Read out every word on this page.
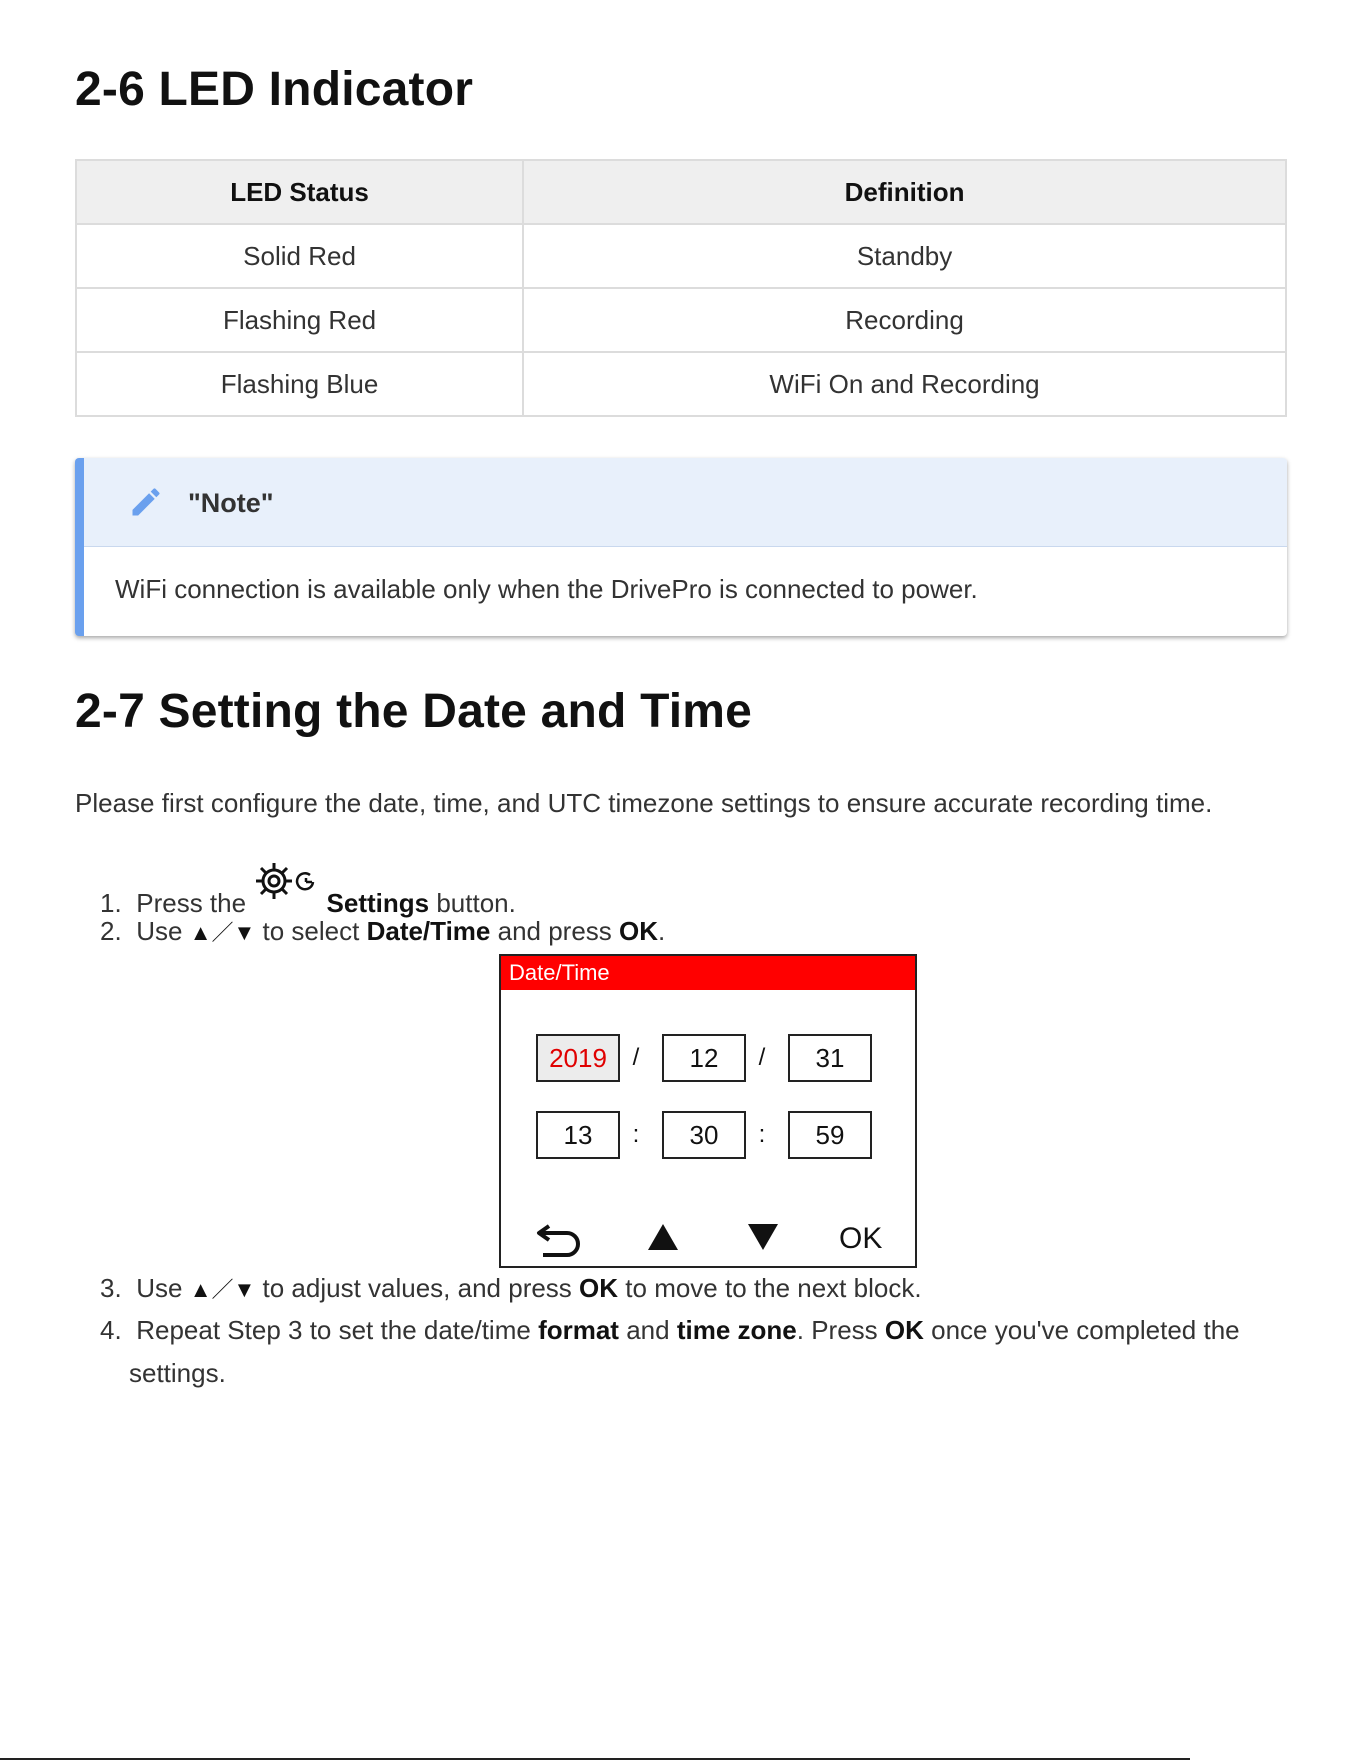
2-6 LED Indicator
LED Status	Definition
Solid Red	Standby
Flashing Red	Recording
Flashing Blue	WiFi On and Recording
"Note"
WiFi connection is available only when the DrivePro is connected to power.
2-7 Setting the Date and Time

Please first configure the date, time, and UTC timezone settings to ensure accurate recording time.

1. Press the	Settings button.
2. Use ▲／▼ to select Date/Time and press OK.
Date/Time
2019	/	12	/	31
13	:	30	:	59
OK
3. Use ▲／▼ to adjust values, and press OK to move to the next block.
4. Repeat Step 3 to set the date/time format and time zone. Press OK once you've completed the
settings.
